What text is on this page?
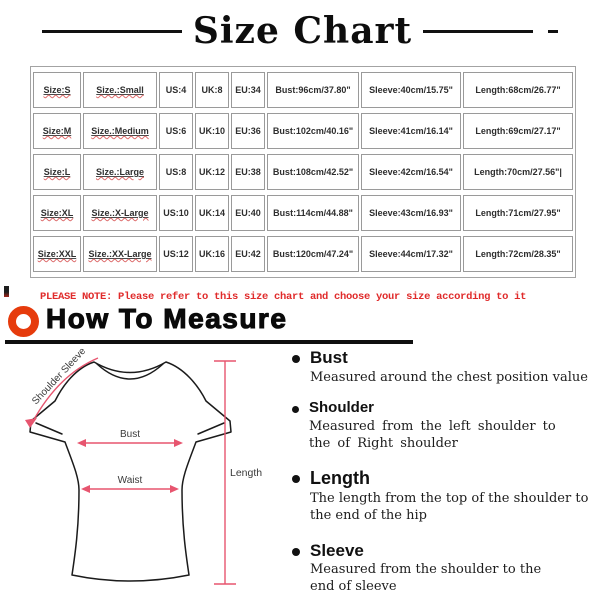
Size Chart
Size:S	Size.:Small	US:4	UK:8	EU:34	Bust:96cm/37.80"	Sleeve:40cm/15.75"	Length:68cm/26.77"
Size:M	Size.:Medium	US:6	UK:10	EU:36	Bust:102cm/40.16"	Sleeve:41cm/16.14"	Length:69cm/27.17"
Size:L	Size.:Large	US:8	UK:12	EU:38	Bust:108cm/42.52"	Sleeve:42cm/16.54"	Length:70cm/27.56"|
Size:XL	Size.:X-Large	US:10	UK:14	EU:40	Bust:114cm/44.88"	Sleeve:43cm/16.93"	Length:71cm/27.95"
Size:XXL	Size.:XX-Large	US:12	UK:16	EU:42	Bust:120cm/47.24"	Sleeve:44cm/17.32"	Length:72cm/28.35"
PLEASE NOTE: Please refer to this size chart and choose your size according to it
How To Measure
Shoulder Sleeve
Bust
Waist
Length
Bust
Measured around the chest position value
Shoulder
Measured from the left shoulder to the of Right shoulder
Length
The length from the top of the shoulder to the end of the hip
Sleeve
Measured from the shoulder to the end of sleeve
